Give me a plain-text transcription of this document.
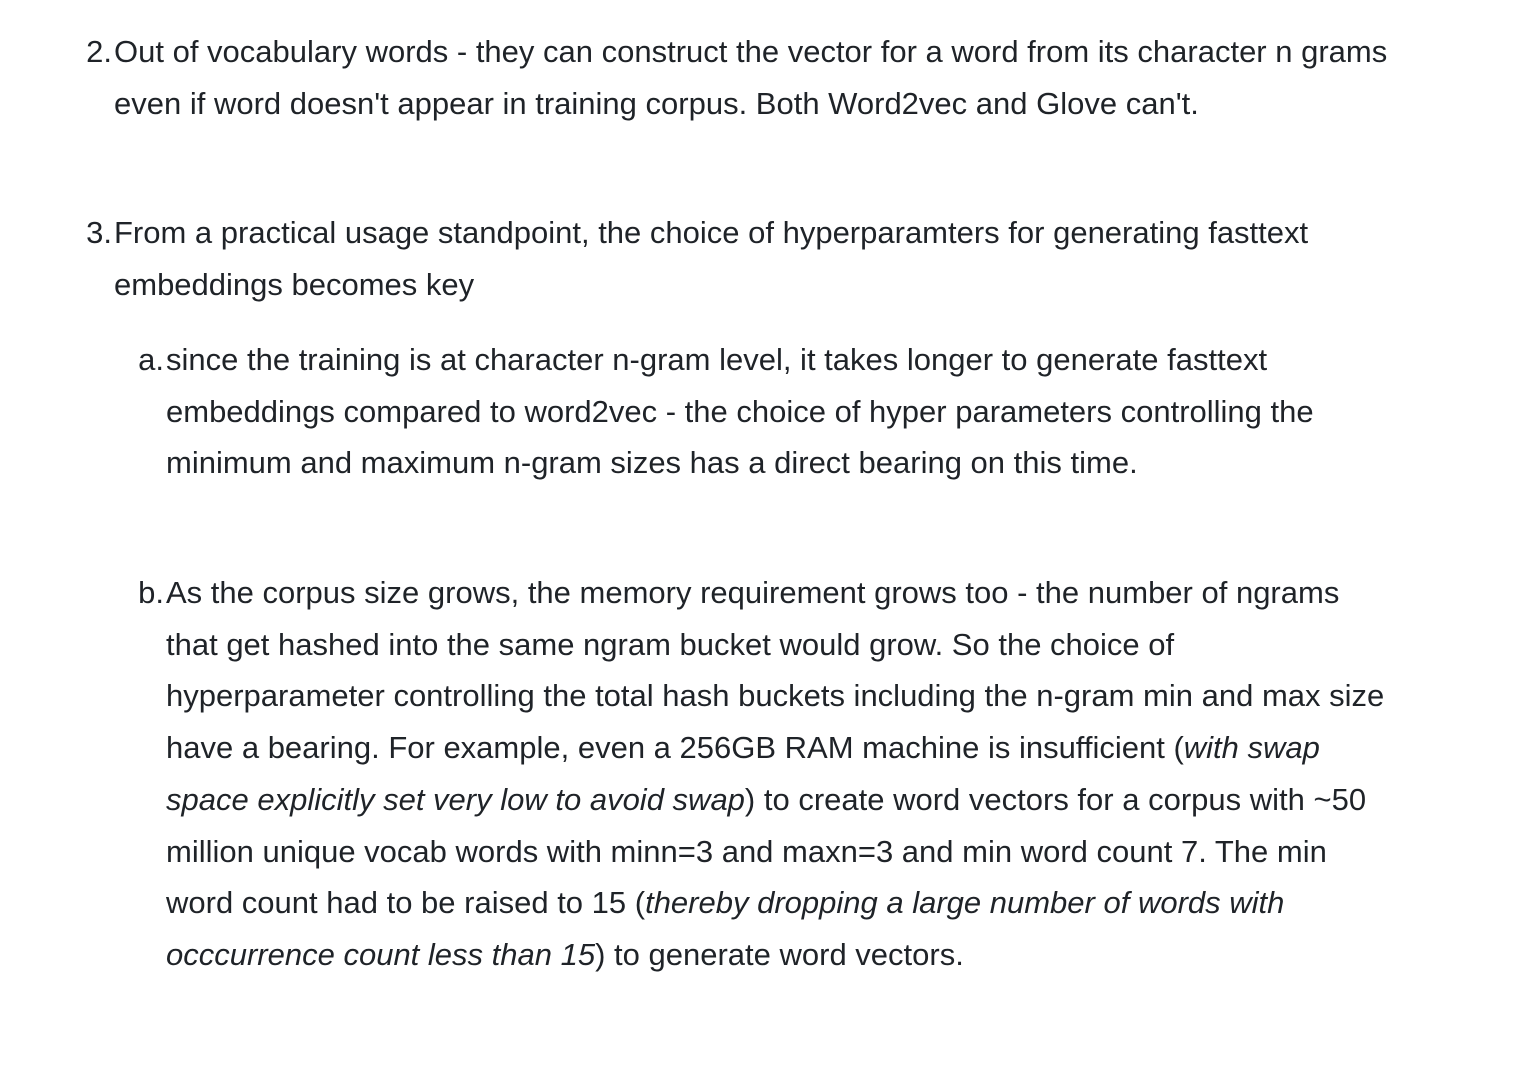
2. Out of vocabulary words - they can construct the vector for a word from its character n grams even if word doesn't appear in training corpus. Both Word2vec and Glove can't.
3. From a practical usage standpoint, the choice of hyperparamters for generating fasttext embeddings becomes key
a. since the training is at character n-gram level, it takes longer to generate fasttext embeddings compared to word2vec - the choice of hyper parameters controlling the minimum and maximum n-gram sizes has a direct bearing on this time.
b. As the corpus size grows, the memory requirement grows too - the number of ngrams that get hashed into the same ngram bucket would grow. So the choice of hyperparameter controlling the total hash buckets including the n-gram min and max size have a bearing. For example, even a 256GB RAM machine is insufficient (with swap space explicitly set very low to avoid swap) to create word vectors for a corpus with ~50 million unique vocab words with minn=3 and maxn=3 and min word count 7. The min word count had to be raised to 15 (thereby dropping a large number of words with occcurrence count less than 15) to generate word vectors.
